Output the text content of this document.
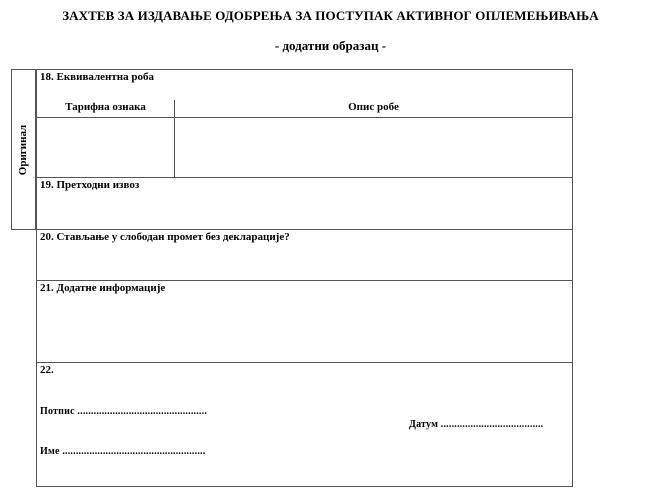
ЗАХТЕВ ЗА ИЗДАВАЊЕ ОДОБРЕЊА ЗА ПОСТУПАК АКТИВНОГ ОПЛЕМЕЊИВАЊА
- додатни образац -
Оригинал
18. Еквивалентна роба
Тарифна ознака	Опис робе
19. Претходни извоз
20. Стављање у слободан промет без декларације?
21. Додатне информације
22.
Потпис ................................................
Датум ......................................
Име .....................................................
